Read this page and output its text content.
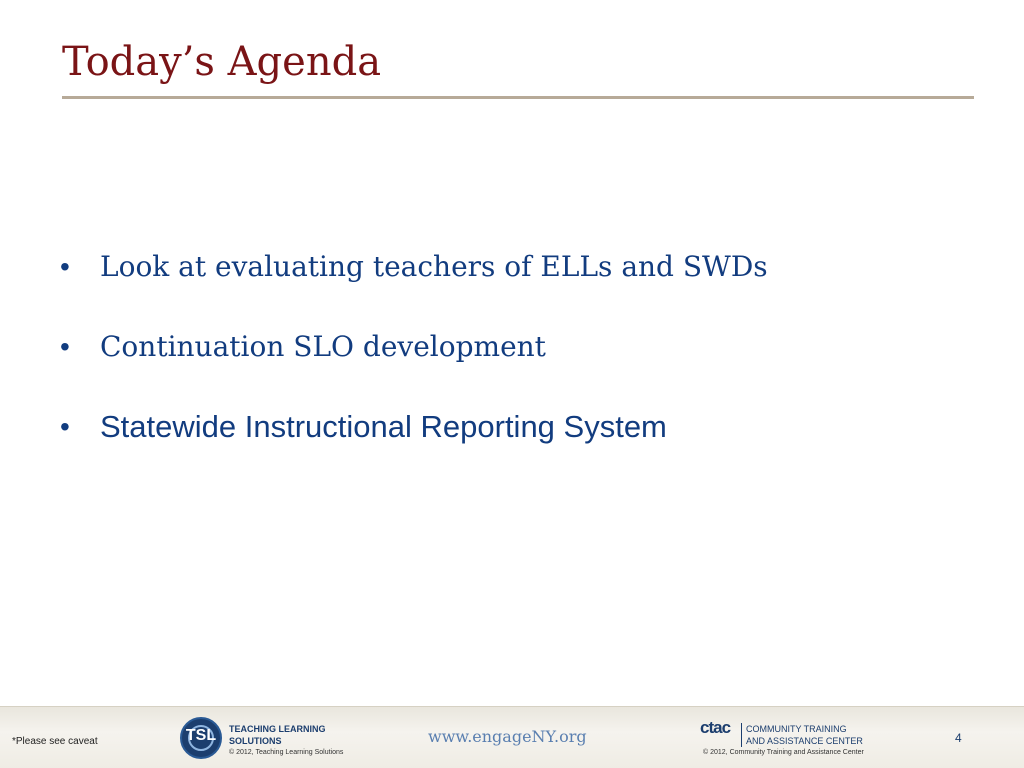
Today’s Agenda
• Look at evaluating teachers of ELLs and SWDs
• Continuation SLO development
• Statewide Instructional Reporting System
*Please see caveat	TSL	TEACHING LEARNING
SOLUTIONS
© 2012, Teaching Learning Solutions
www.engageNY.org	ctac	COMMUNITY TRAINING
AND ASSISTANCE CENTER
© 2012, Community Training and Assistance Center
4
